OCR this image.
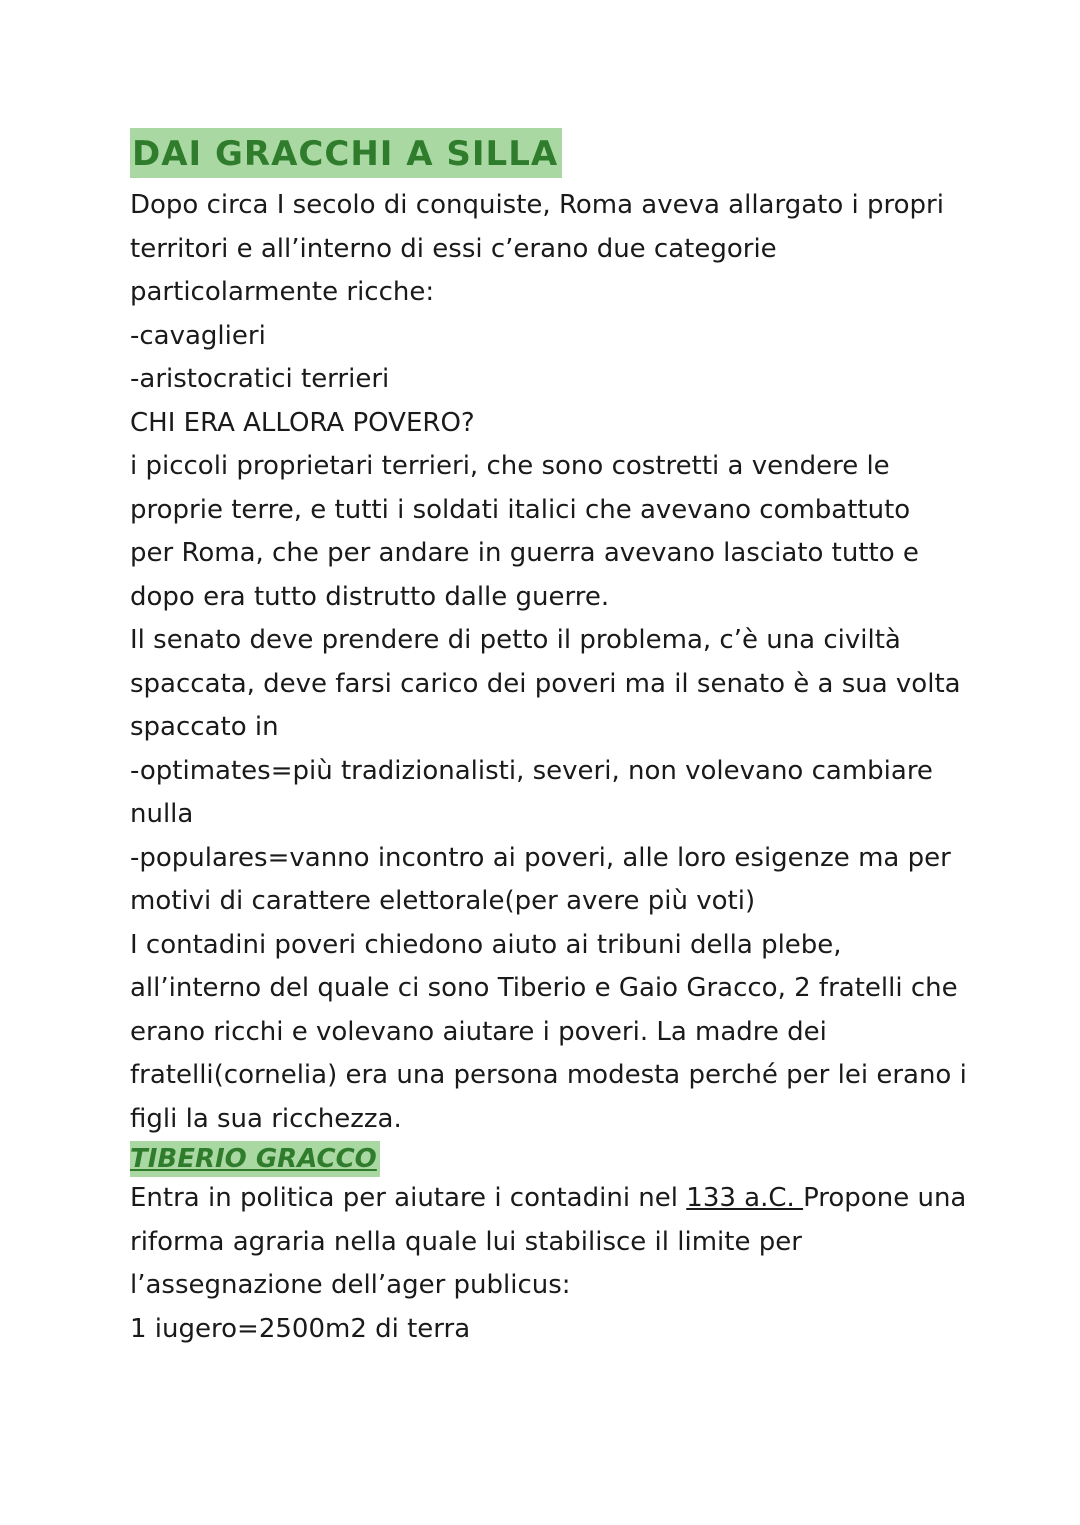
DAI GRACCHI A SILLA
Dopo circa I secolo di conquiste, Roma aveva allargato i propri
territori e all’interno di essi c’erano due categorie
particolarmente ricche:
-cavaglieri
-aristocratici terrieri
CHI ERA ALLORA POVERO?
i piccoli proprietari terrieri, che sono costretti a vendere le
proprie terre, e tutti i soldati italici che avevano combattuto
per Roma, che per andare in guerra avevano lasciato tutto e
dopo era tutto distrutto dalle guerre.
Il senato deve prendere di petto il problema, c’è una civiltà
spaccata, deve farsi carico dei poveri ma il senato è a sua volta
spaccato in
-optimates=più tradizionalisti, severi, non volevano cambiare
nulla
-populares=vanno incontro ai poveri, alle loro esigenze ma per
motivi di carattere elettorale(per avere più voti)
I contadini poveri chiedono aiuto ai tribuni della plebe,
all’interno del quale ci sono Tiberio e Gaio Gracco, 2 fratelli che
erano ricchi e volevano aiutare i poveri. La madre dei
fratelli(cornelia) era una persona modesta perché per lei erano i
figli la sua ricchezza.
TIBERIO GRACCO
Entra in politica per aiutare i contadini nel 133 a.C. Propone una
riforma agraria nella quale lui stabilisce il limite per
l’assegnazione dell’ager publicus:
1 iugero=2500m2 di terra
